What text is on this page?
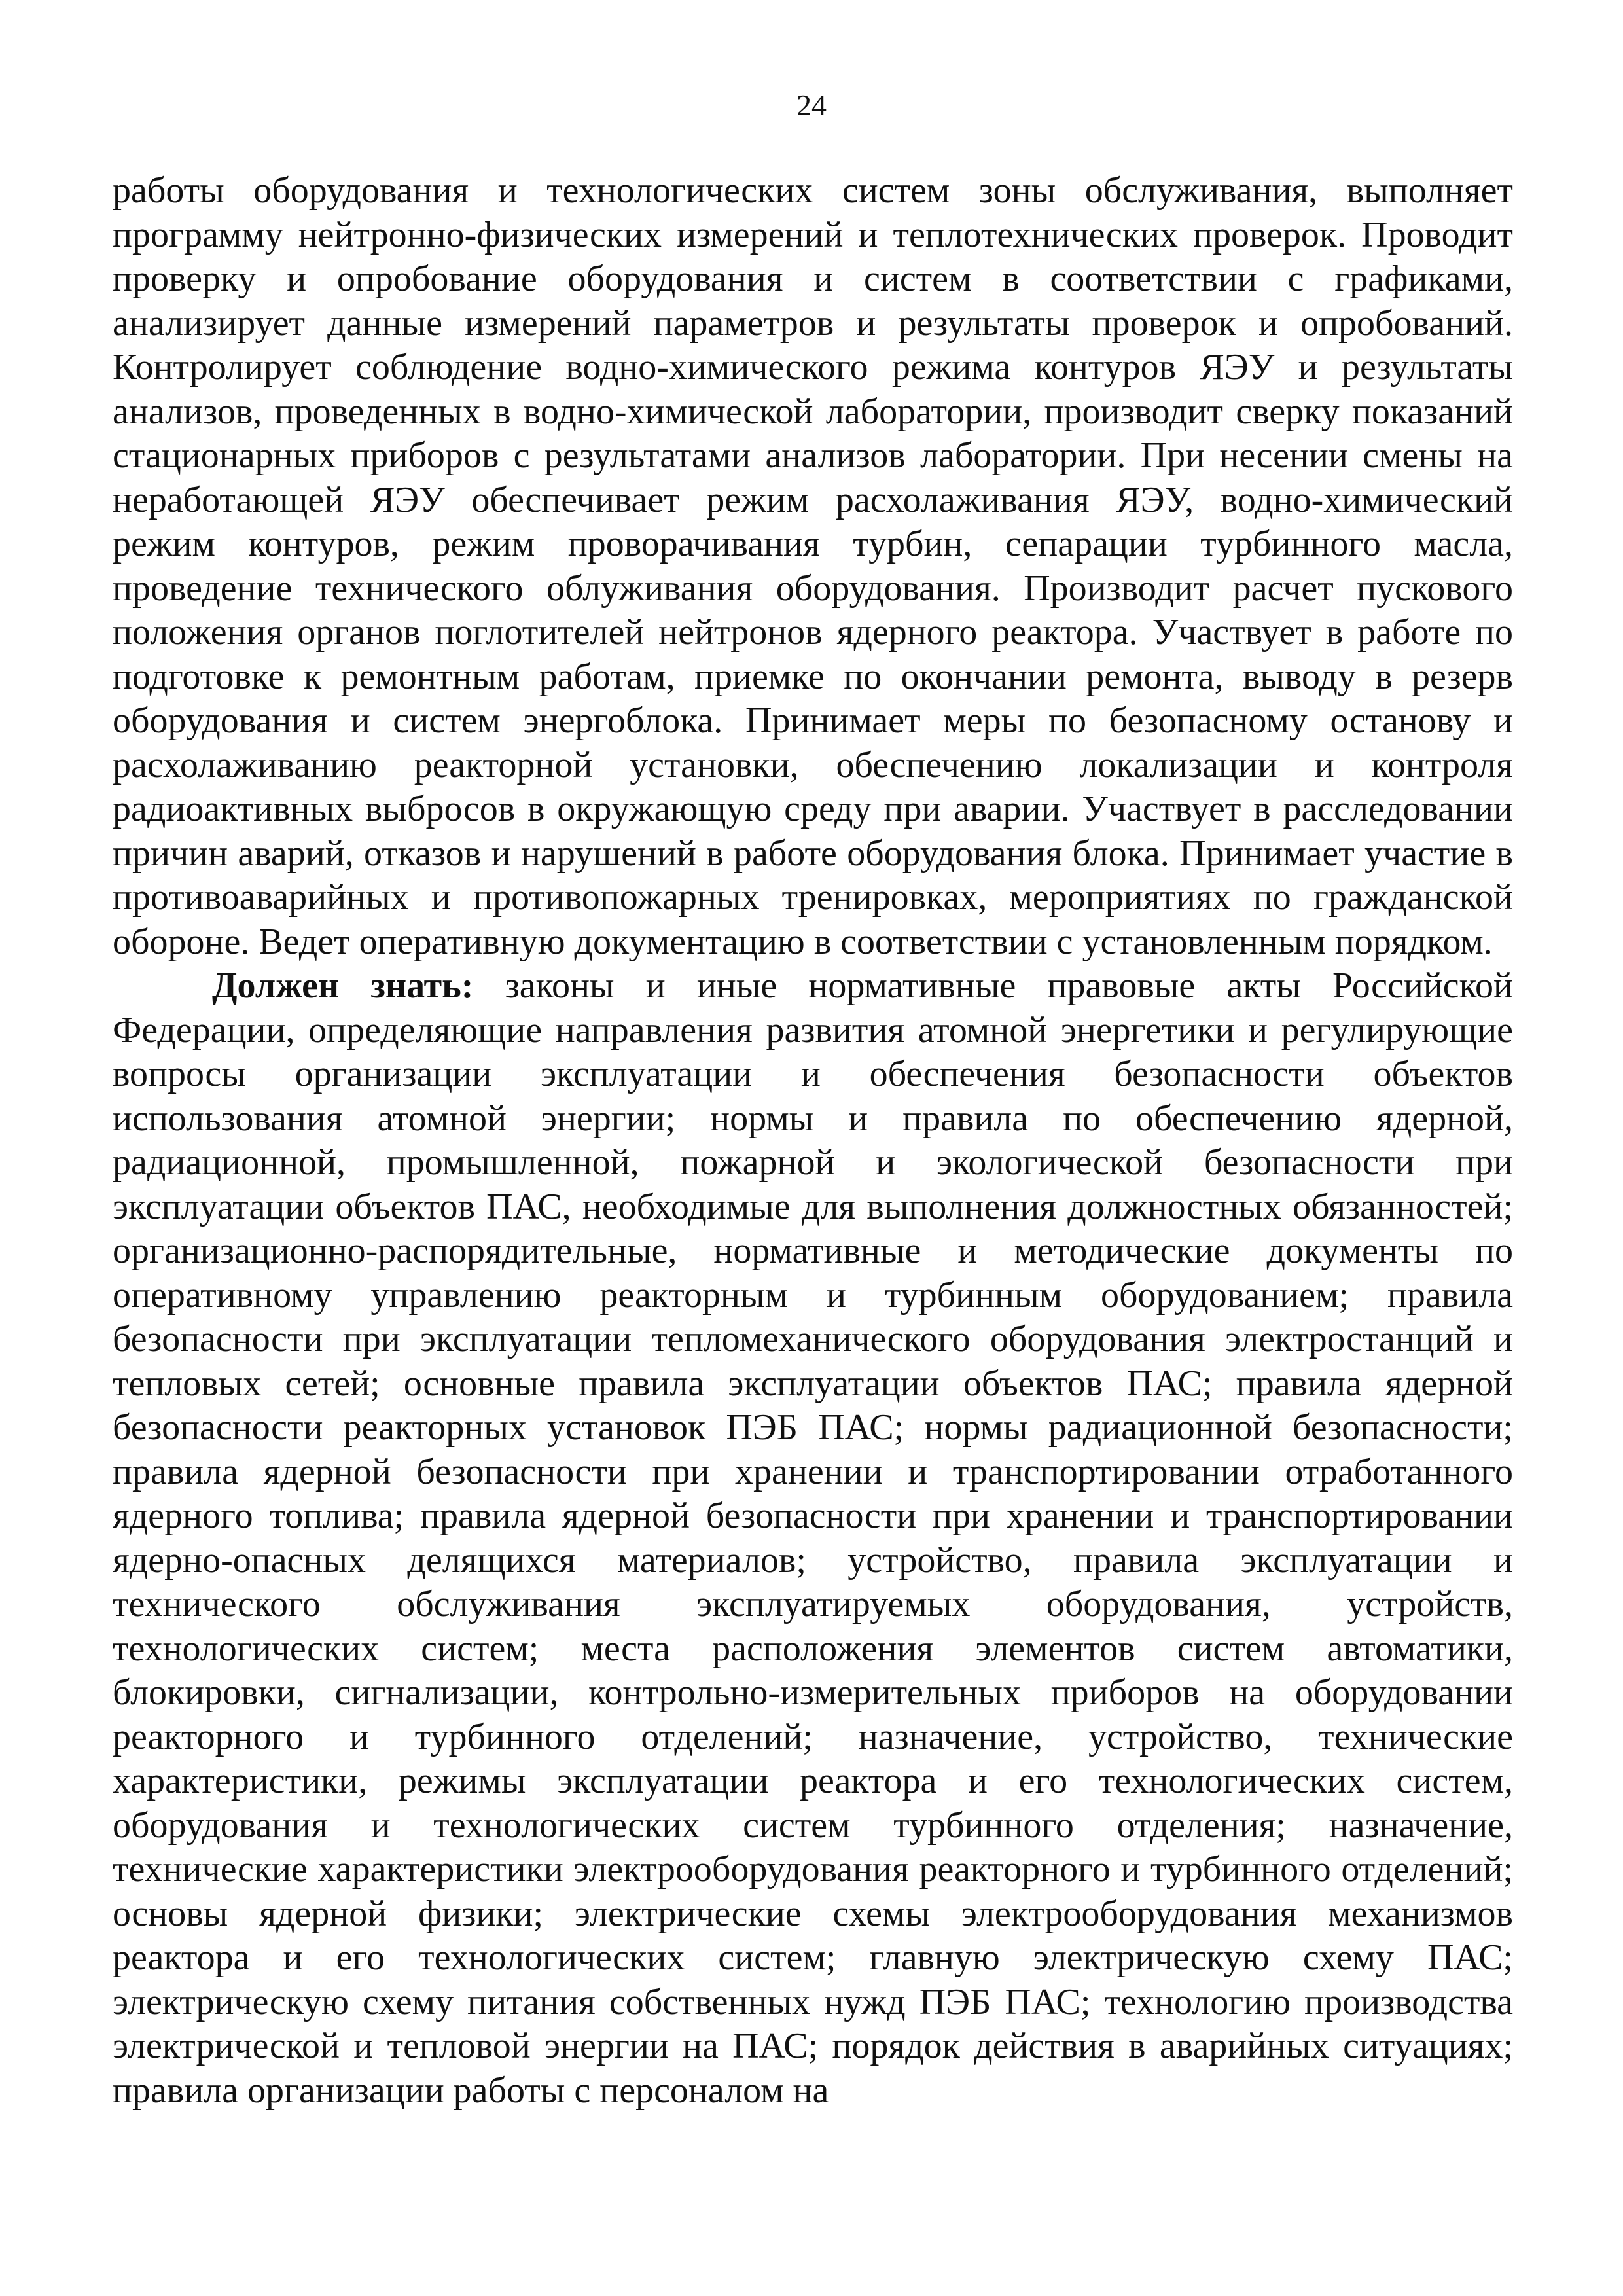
24

работы оборудования и технологических систем зоны обслуживания, выполняет программу нейтронно-физических измерений и теплотехнических проверок. Проводит проверку и опробование оборудования и систем в соответствии с графиками, анализирует данные измерений параметров и результаты проверок и опробований. Контролирует соблюдение водно-химического режима контуров ЯЭУ и результаты анализов, проведенных в водно-химической лаборатории, производит сверку показаний стационарных приборов с результатами анализов лаборатории. При несении смены на неработающей ЯЭУ обеспечивает режим расхолаживания ЯЭУ, водно-химический режим контуров, режим проворачивания турбин, сепарации турбинного масла, проведение технического облуживания оборудования. Производит расчет пускового положения органов поглотителей нейтронов ядерного реактора. Участвует в работе по подготовке к ремонтным работам, приемке по окончании ремонта, выводу в резерв оборудования и систем энергоблока. Принимает меры по безопасному останову и расхолаживанию реакторной установки, обеспечению локализации и контроля радиоактивных выбросов в окружающую среду при аварии. Участвует в расследовании причин аварий, отказов и нарушений в работе оборудования блока. Принимает участие в противоаварийных и противопожарных тренировках, мероприятиях по гражданской обороне. Ведет оперативную документацию в соответствии с установленным порядком.

Должен знать: законы и иные нормативные правовые акты Российской Федерации, определяющие направления развития атомной энергетики и регулирующие вопросы организации эксплуатации и обеспечения безопасности объектов использования атомной энергии; нормы и правила по обеспечению ядерной, радиационной, промышленной, пожарной и экологической безопасности при эксплуатации объектов ПАС, необходимые для выполнения должностных обязанностей; организационно-распорядительные, нормативные и методические документы по оперативному управлению реакторным и турбинным оборудованием; правила безопасности при эксплуатации тепломеханического оборудования электростанций и тепловых сетей; основные правила эксплуатации объектов ПАС; правила ядерной безопасности реакторных установок ПЭБ ПАС; нормы радиационной безопасности; правила ядерной безопасности при хранении и транспортировании отработанного ядерного топлива; правила ядерной безопасности при хранении и транспортировании ядерно-опасных делящихся материалов; устройство, правила эксплуатации и технического обслуживания эксплуатируемых оборудования, устройств, технологических систем; места расположения элементов систем автоматики, блокировки, сигнализации, контрольно-измерительных приборов на оборудовании реакторного и турбинного отделений; назначение, устройство, технические характеристики, режимы эксплуатации реактора и его технологических систем, оборудования и технологических систем турбинного отделения; назначение, технические характеристики электрооборудования реакторного и турбинного отделений; основы ядерной физики; электрические схемы электрооборудования механизмов реактора и его технологических систем; главную электрическую схему ПАС; электрическую схему питания собственных нужд ПЭБ ПАС; технологию производства электрической и тепловой энергии на ПАС; порядок действия в аварийных ситуациях; правила организации работы с персоналом на
